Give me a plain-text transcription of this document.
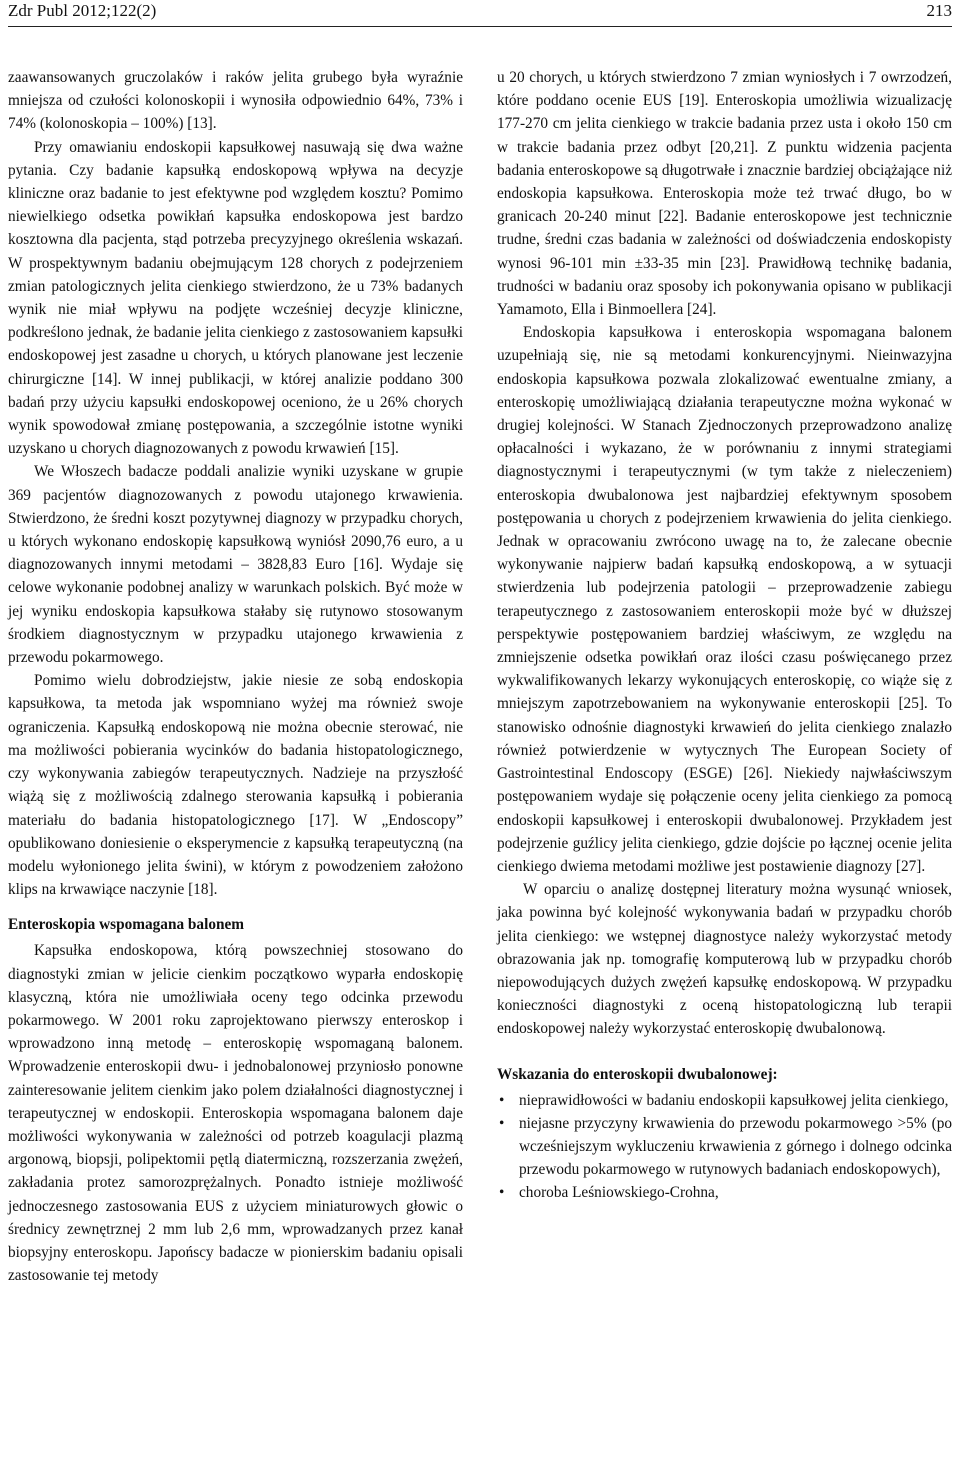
Zdr Publ 2012;122(2)	213

zaawansowanych gruczolaków i raków jelita grubego była wyraźnie mniejsza od czułości kolonoskopii i wynosiła odpowiednio 64%, 73% i 74% (kolonoskopia – 100%) [13].

Przy omawianiu endoskopii kapsułkowej nasuwają się dwa ważne pytania. Czy badanie kapsułką endoskopową wpływa na decyzje kliniczne oraz badanie to jest efektywne pod względem kosztu? Pomimo niewielkiego odsetka powikłań kapsułka endoskopowa jest bardzo kosztowna dla pacjenta, stąd potrzeba precyzyjnego określenia wskazań. W prospektywnym badaniu obejmującym 128 chorych z podejrzeniem zmian patologicznych jelita cienkiego stwierdzono, że u 73% badanych wynik nie miał wpływu na podjęte wcześniej decyzje kliniczne, podkreślono jednak, że badanie jelita cienkiego z zastosowaniem kapsułki endoskopowej jest zasadne u chorych, u których planowane jest leczenie chirurgiczne [14]. W innej publikacji, w której analizie poddano 300 badań przy użyciu kapsułki endoskopowej oceniono, że u 26% chorych wynik spowodował zmianę postępowania, a szczególnie istotne wyniki uzyskano u chorych diagnozowanych z powodu krwawień [15].

We Włoszech badacze poddali analizie wyniki uzyskane w grupie 369 pacjentów diagnozowanych z powodu utajonego krwawienia. Stwierdzono, że średni koszt pozytywnej diagnozy w przypadku chorych, u których wykonano endoskopię kapsułkową wyniósł 2090,76 euro, a u diagnozowanych innymi metodami – 3828,83 Euro [16]. Wydaje się celowe wykonanie podobnej analizy w warunkach polskich. Być może w jej wyniku endoskopia kapsułkowa stałaby się rutynowo stosowanym środkiem diagnostycznym w przypadku utajonego krwawienia z przewodu pokarmowego.

Pomimo wielu dobrodziejstw, jakie niesie ze sobą endoskopia kapsułkowa, ta metoda jak wspomniano wyżej ma również swoje ograniczenia. Kapsułką endoskopową nie można obecnie sterować, nie ma możliwości pobierania wycinków do badania histopatologicznego, czy wykonywania zabiegów terapeutycznych. Nadzieje na przyszłość wiążą się z możliwością zdalnego sterowania kapsułką i pobierania materiału do badania histopatologicznego [17]. W „Endoscopy” opublikowano doniesienie o eksperymencie z kapsułką terapeutyczną (na modelu wyłonionego jelita świni), w którym z powodzeniem założono klips na krwawiące naczynie [18].

Enteroskopia wspomagana balonem

Kapsułka endoskopowa, którą powszechniej stosowano do diagnostyki zmian w jelicie cienkim początkowo wyparła endoskopię klasyczną, która nie umożliwiała oceny tego odcinka przewodu pokarmowego. W 2001 roku zaprojektowano pierwszy enteroskop i wprowadzono inną metodę – enteroskopię wspomaganą balonem. Wprowadzenie enteroskopii dwu- i jednobalonowej przyniosło ponowne zainteresowanie jelitem cienkim jako polem działalności diagnostycznej i terapeutycznej w endoskopii. Enteroskopia wspomagana balonem daje możliwości wykonywania w zależności od potrzeb koagulacji plazmą argonową, biopsji, polipektomii pętlą diatermiczną, rozszerzania zwężeń, zakładania protez samorozprężalnych. Ponadto istnieje możliwość jednoczesnego zastosowania EUS z użyciem miniaturowych głowic o średnicy zewnętrznej 2 mm lub 2,6 mm, wprowadzanych przez kanał biopsyjny enteroskopu. Japońscy badacze w pionierskim badaniu opisali zastosowanie tej metody

u 20 chorych, u których stwierdzono 7 zmian wyniosłych i 7 owrzodzeń, które poddano ocenie EUS [19]. Enteroskopia umożliwia wizualizację 177-270 cm jelita cienkiego w trakcie badania przez usta i około 150 cm w trakcie badania przez odbyt [20,21]. Z punktu widzenia pacjenta badania enteroskopowe są długotrwałe i znacznie bardziej obciążające niż endoskopia kapsułkowa. Enteroskopia może też trwać długo, bo w granicach 20-240 minut [22]. Badanie enteroskopowe jest technicznie trudne, średni czas badania w zależności od doświadczenia endoskopisty wynosi 96-101 min ±33-35 min [23]. Prawidłową technikę badania, trudności w badaniu oraz sposoby ich pokonywania opisano w publikacji Yamamoto, Ella i Binmoellera [24].

Endoskopia kapsułkowa i enteroskopia wspomagana balonem uzupełniają się, nie są metodami konkurencyjnymi. Nieinwazyjna endoskopia kapsułkowa pozwala zlokalizować ewentualne zmiany, a enteroskopię umożliwiającą działania terapeutyczne można wykonać w drugiej kolejności. W Stanach Zjednoczonych przeprowadzono analizę opłacalności i wykazano, że w porównaniu z innymi strategiami diagnostycznymi i terapeutycznymi (w tym także z nieleczeniem) enteroskopia dwubalonowa jest najbardziej efektywnym sposobem postępowania u chorych z podejrzeniem krwawienia do jelita cienkiego. Jednak w opracowaniu zwrócono uwagę na to, że zalecane obecnie wykonywanie najpierw badań kapsułką endoskopową, a w sytuacji stwierdzenia lub podejrzenia patologii – przeprowadzenie zabiegu terapeutycznego z zastosowaniem enteroskopii może być w dłuższej perspektywie postępowaniem bardziej właściwym, ze względu na zmniejszenie odsetka powikłań oraz ilości czasu poświęcanego przez wykwalifikowanych lekarzy wykonujących enteroskopię, co wiąże się z mniejszym zapotrzebowaniem na wykonywanie enteroskopii [25]. To stanowisko odnośnie diagnostyki krwawień do jelita cienkiego znalazło również potwierdzenie w wytycznych The European Society of Gastrointestinal Endoscopy (ESGE) [26]. Niekiedy najwłaściwszym postępowaniem wydaje się połączenie oceny jelita cienkiego za pomocą endoskopii kapsułkowej i enteroskopii dwubalonowej. Przykładem jest podejrzenie guźlicy jelita cienkiego, gdzie dojście po łącznej ocenie jelita cienkiego dwiema metodami możliwe jest postawienie diagnozy [27].

W oparciu o analizę dostępnej literatury można wysunąć wniosek, jaka powinna być kolejność wykonywania badań w przypadku chorób jelita cienkiego: we wstępnej diagnostyce należy wykorzystać metody obrazowania jak np. tomografię komputerową lub w przypadku chorób niepowodujących dużych zwężeń kapsułkę endoskopową. W przypadku konieczności diagnostyki z oceną histopatologiczną lub terapii endoskopowej należy wykorzystać enteroskopię dwubalonową.

Wskazania do enteroskopii dwubalonowej:
• nieprawidłowości w badaniu endoskopii kapsułkowej jelita cienkiego,
• niejasne przyczyny krwawienia do przewodu pokarmowego >5% (po wcześniejszym wykluczeniu krwawienia z górnego i dolnego odcinka przewodu pokarmowego w rutynowych badaniach endoskopowych),
• choroba Leśniowskiego-Crohna,
